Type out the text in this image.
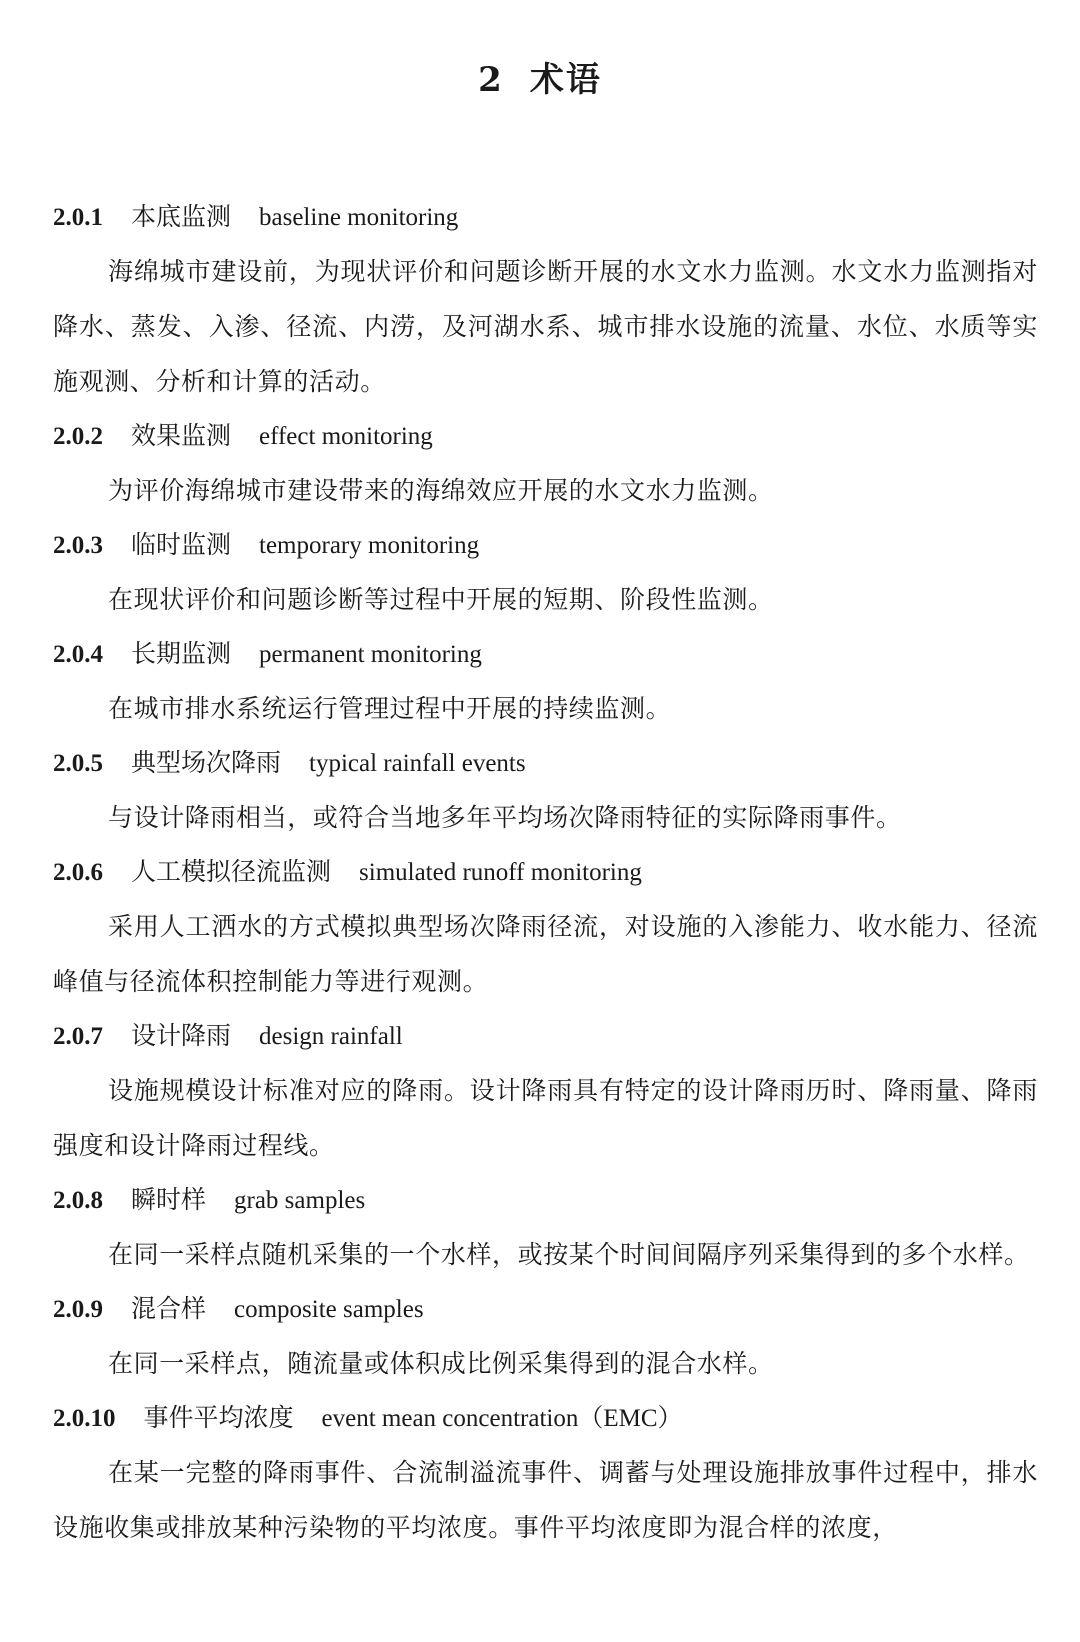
2 术语
2.0.1 本底监测 baseline monitoring

海绵城市建设前，为现状评价和问题诊断开展的水文水力监测。水文水力监测指对降水、蒸发、入渗、径流、内涝，及河湖水系、城市排水设施的流量、水位、水质等实施观测、分析和计算的活动。

2.0.2 效果监测 effect monitoring

为评价海绵城市建设带来的海绵效应开展的水文水力监测。

2.0.3 临时监测 temporary monitoring

在现状评价和问题诊断等过程中开展的短期、阶段性监测。

2.0.4 长期监测 permanent monitoring

在城市排水系统运行管理过程中开展的持续监测。

2.0.5 典型场次降雨 typical rainfall events

与设计降雨相当，或符合当地多年平均场次降雨特征的实际降雨事件。

2.0.6 人工模拟径流监测 simulated runoff monitoring

采用人工洒水的方式模拟典型场次降雨径流，对设施的入渗能力、收水能力、径流峰值与径流体积控制能力等进行观测。

2.0.7 设计降雨 design rainfall

设施规模设计标准对应的降雨。设计降雨具有特定的设计降雨历时、降雨量、降雨强度和设计降雨过程线。

2.0.8 瞬时样 grab samples

在同一采样点随机采集的一个水样，或按某个时间间隔序列采集得到的多个水样。

2.0.9 混合样 composite samples

在同一采样点，随流量或体积成比例采集得到的混合水样。

2.0.10 事件平均浓度 event mean concentration（EMC）

在某一完整的降雨事件、合流制溢流事件、调蓄与处理设施排放事件过程中，排水设施收集或排放某种污染物的平均浓度。事件平均浓度即为混合样的浓度，
